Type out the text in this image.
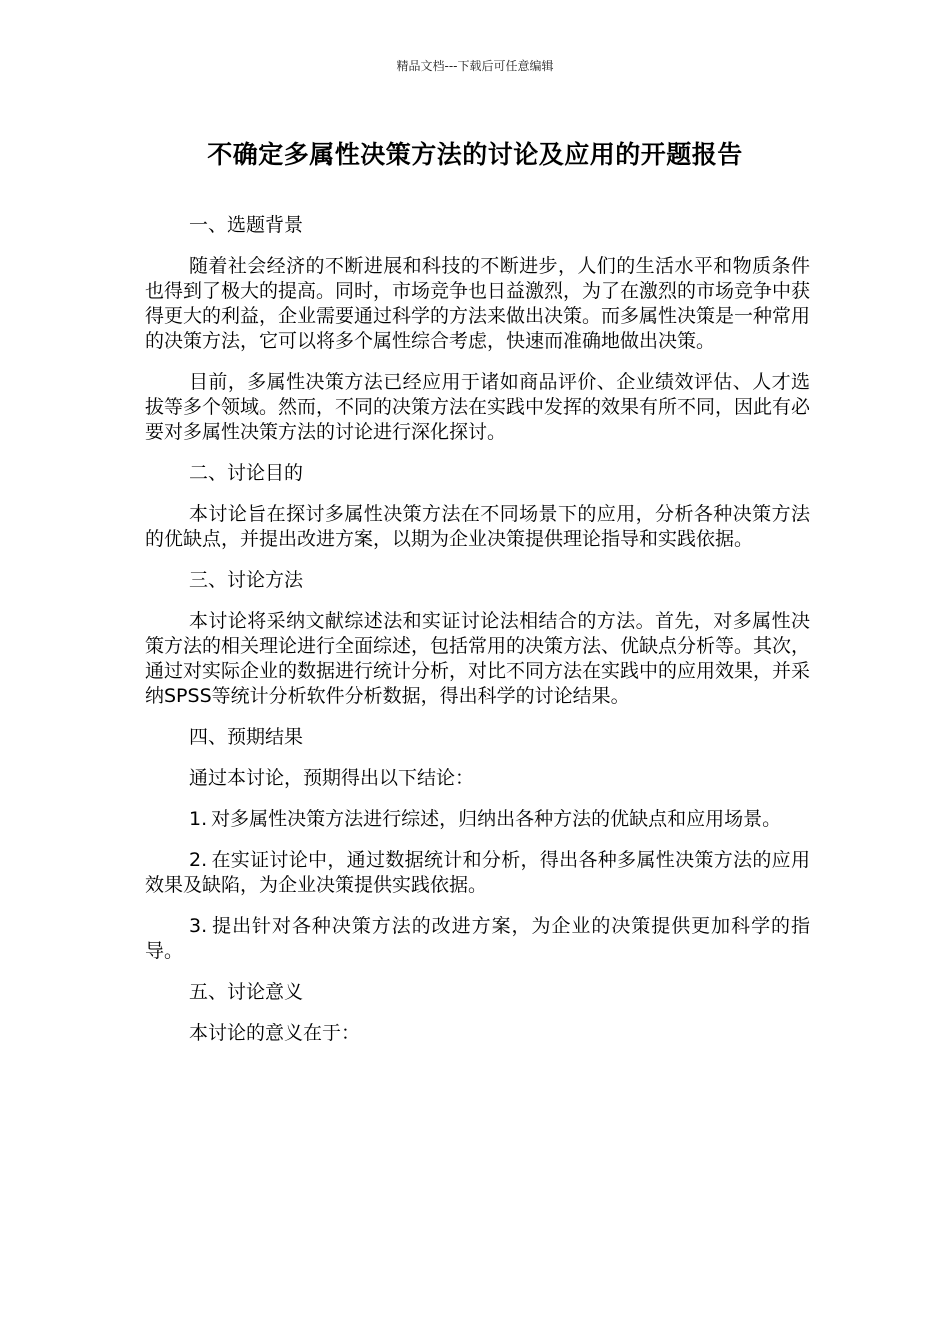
精品文档---下载后可任意编辑
不确定多属性决策方法的讨论及应用的开题报告

一、选题背景

随着社会经济的不断进展和科技的不断进步，人们的生活水平和物质条件也得到了极大的提高。同时，市场竞争也日益激烈，为了在激烈的市场竞争中获得更大的利益，企业需要通过科学的方法来做出决策。而多属性决策是一种常用的决策方法，它可以将多个属性综合考虑，快速而准确地做出决策。

目前，多属性决策方法已经应用于诸如商品评价、企业绩效评估、人才选拔等多个领域。然而，不同的决策方法在实践中发挥的效果有所不同，因此有必要对多属性决策方法的讨论进行深化探讨。

二、讨论目的

本讨论旨在探讨多属性决策方法在不同场景下的应用，分析各种决策方法的优缺点，并提出改进方案，以期为企业决策提供理论指导和实践依据。

三、讨论方法

本讨论将采纳文献综述法和实证讨论法相结合的方法。首先，对多属性决策方法的相关理论进行全面综述，包括常用的决策方法、优缺点分析等。其次，通过对实际企业的数据进行统计分析，对比不同方法在实践中的应用效果，并采纳SPSS等统计分析软件分析数据，得出科学的讨论结果。

四、预期结果

通过本讨论，预期得出以下结论：

1. 对多属性决策方法进行综述，归纳出各种方法的优缺点和应用场景。

2. 在实证讨论中，通过数据统计和分析，得出各种多属性决策方法的应用效果及缺陷，为企业决策提供实践依据。

3. 提出针对各种决策方法的改进方案，为企业的决策提供更加科学的指导。

五、讨论意义

本讨论的意义在于：
